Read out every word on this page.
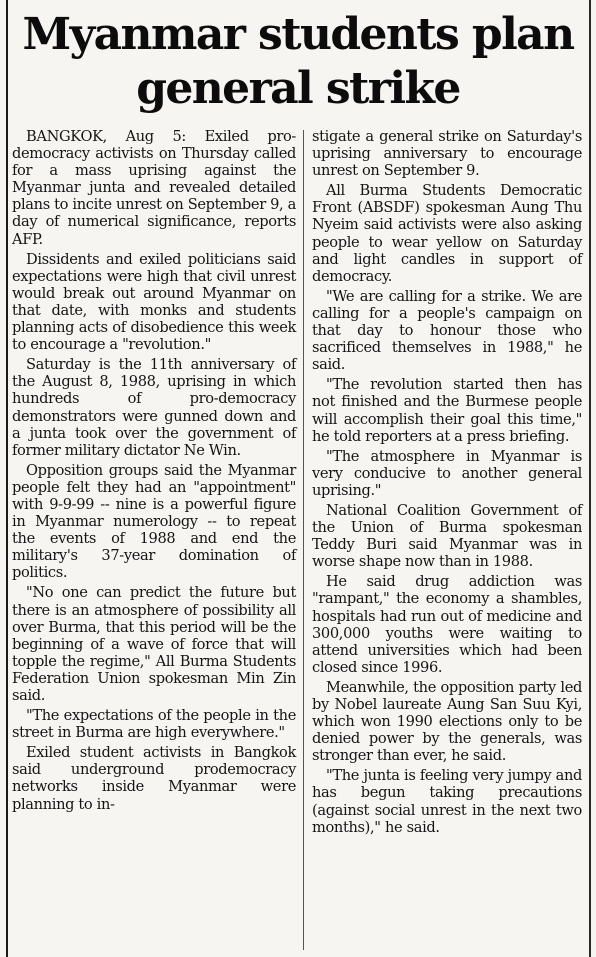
Myanmar students plan general strike

BANGKOK, Aug 5: Exiled pro-democracy activists on Thursday called for a mass uprising against the Myanmar junta and revealed detailed plans to incite unrest on September 9, a day of numerical significance, reports AFP.

Dissidents and exiled politicians said expectations were high that civil unrest would break out around Myanmar on that date, with monks and students planning acts of disobedience this week to encourage a "revolution."

Saturday is the 11th anniversary of the August 8, 1988, uprising in which hundreds of pro-democracy demonstrators were gunned down and a junta took over the government of former military dictator Ne Win.

Opposition groups said the Myanmar people felt they had an "appointment" with 9-9-99 -- nine is a powerful figure in Myanmar numerology -- to repeat the events of 1988 and end the military's 37-year domination of politics.

"No one can predict the future but there is an atmosphere of possibility all over Burma, that this period will be the beginning of a wave of force that will topple the regime," All Burma Students Federation Union spokesman Min Zin said.

"The expectations of the people in the street in Burma are high everywhere."

Exiled student activists in Bangkok said underground prodemocracy networks inside Myanmar were planning to in-

stigate a general strike on Saturday's uprising anniversary to encourage unrest on September 9.

All Burma Students Democratic Front (ABSDF) spokesman Aung Thu Nyeim said activists were also asking people to wear yellow on Saturday and light candles in support of democracy.

"We are calling for a strike. We are calling for a people's campaign on that day to honour those who sacrificed themselves in 1988," he said.

"The revolution started then has not finished and the Burmese people will accomplish their goal this time," he told reporters at a press briefing.

"The atmosphere in Myanmar is very conducive to another general uprising."

National Coalition Government of the Union of Burma spokesman Teddy Buri said Myanmar was in worse shape now than in 1988.

He said drug addiction was "rampant," the economy a shambles, hospitals had run out of medicine and 300,000 youths were waiting to attend universities which had been closed since 1996.

Meanwhile, the opposition party led by Nobel laureate Aung San Suu Kyi, which won 1990 elections only to be denied power by the generals, was stronger than ever, he said.

"The junta is feeling very jumpy and has begun taking precautions (against social unrest in the next two months)," he said.
